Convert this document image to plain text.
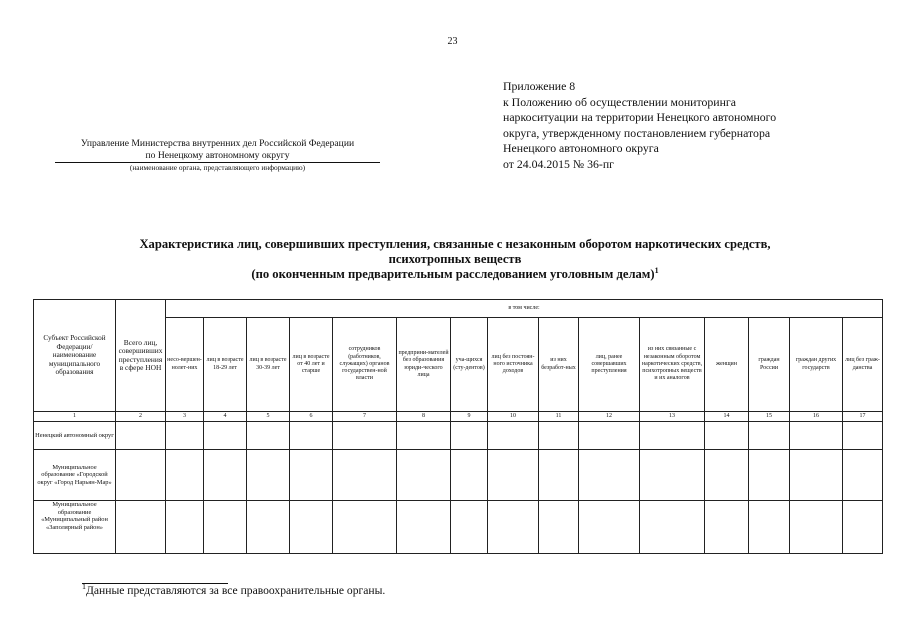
23
Приложение 8
к Положению об осуществлении мониторинга
наркоситуации на территории Ненецкого автономного
округа, утвержденному постановлением губернатора
Ненецкого автономного округа
от 24.04.2015 № 36-пг
Управление Министерства внутренних дел Российской Федерации
по Ненецкому автономному округу
(наименование органа, представляющего информацию)
Характеристика лиц, совершивших преступления, связанные с незаконным оборотом наркотических средств,
психотропных веществ
(по оконченным предварительным расследованием уголовным делам)$^1$
Субъект Российской Федерации/ наименование муниципального образования	Всего лиц, совершивших преступления в сфере НОН	в том числе:														
		несо-вершен-нолет-них	лиц в возрасте 18-29 лет	лиц в возрасте 30-39 лет	лиц в возрасте от 40 лет и старше	сотрудников (работников, служащих) органов государствен-ной власти	предприни-мателей без образования юриди-ческого лица	уча-щихся (сту-дентов)	лиц без постоян-ного источника доходов	из них безработ-ных	лиц, ранее совершавших преступления	из них связанные с незаконным оборотом наркотических средств, психотропных веществ и их аналогов	женщин	граждан России	граждан других государств	лиц без граж-данства
1	2	3	4	5	6	7	8	9	10	11	12	13	14	15	16	17
Ненецкий автономный округ																
Муниципальное образование «Городской округ «Город Нарьян-Мар»																
Муниципальное образование «Муниципальный район «Заполярный район»																
$^1$Данные представляются за все правоохранительные органы.
